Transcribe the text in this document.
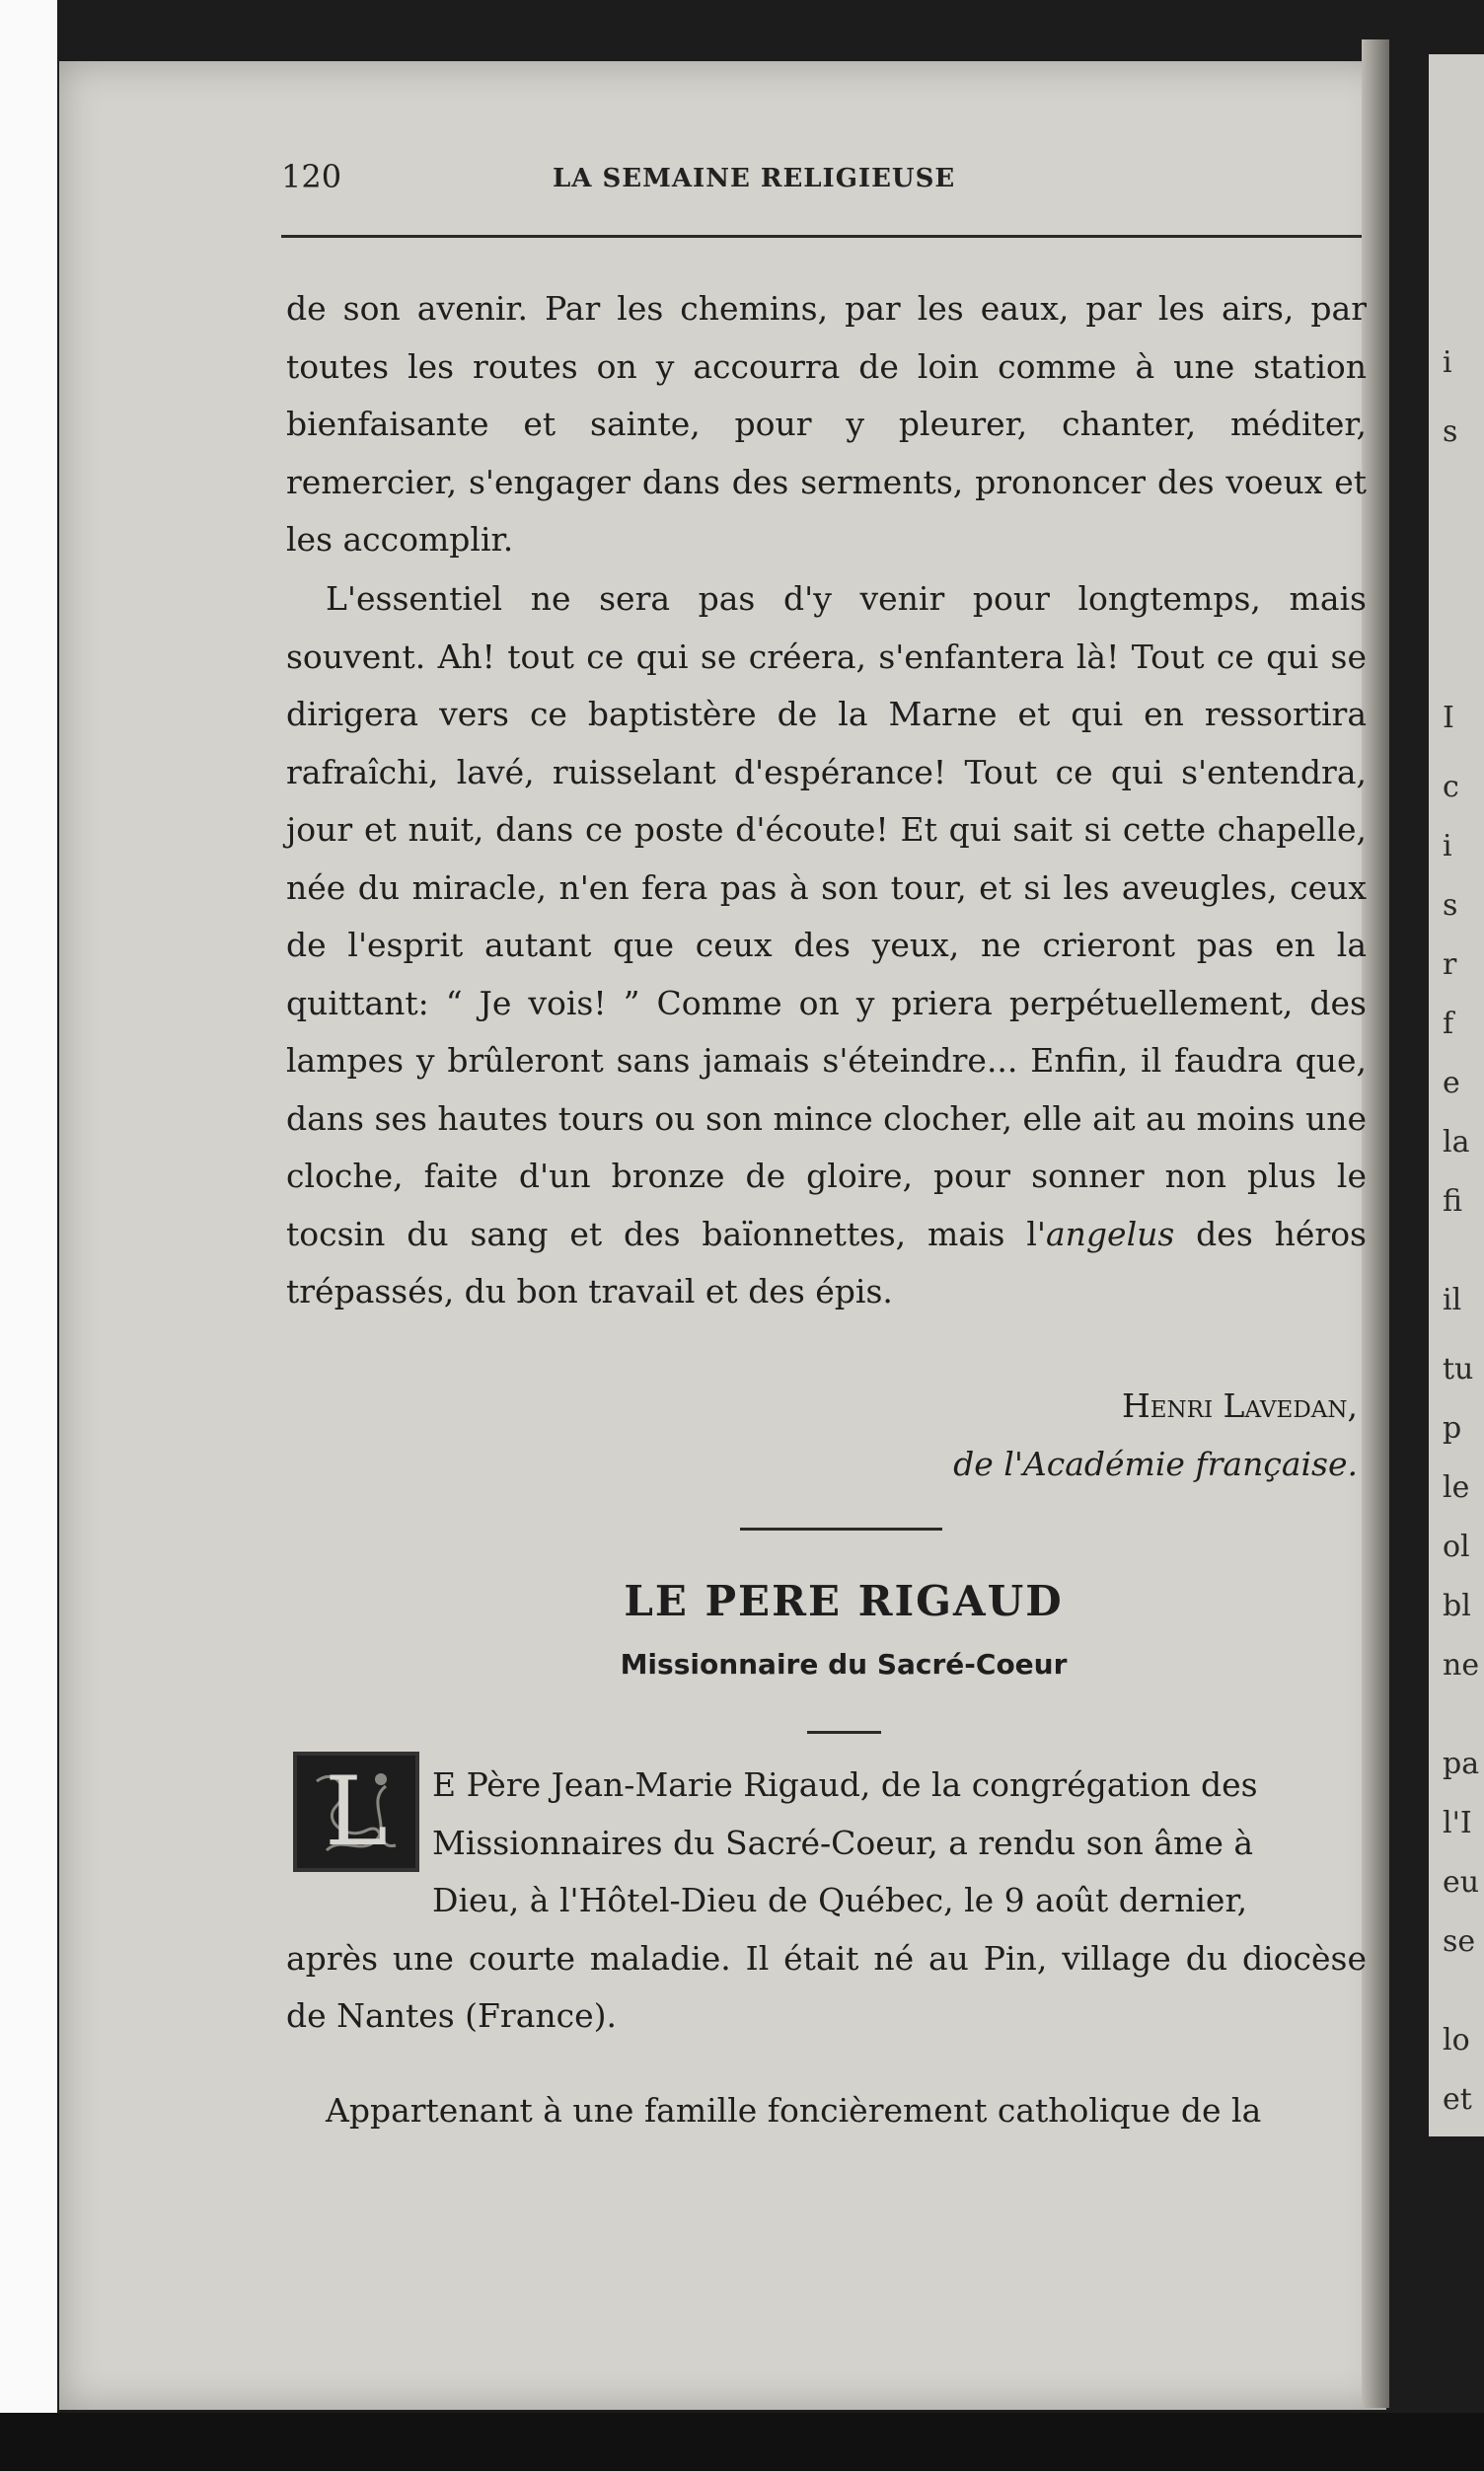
i
s
I
c
i
s
r
f
e
la
fi
il
tu
p
le
ol
bl
ne
pa
l'I
eu
se
lo
et
120	LA SEMAINE RELIGIEUSE

de son avenir. Par les chemins, par les eaux, par les airs, par toutes les routes on y accourra de loin comme à une station bienfaisante et sainte, pour y pleurer, chanter, méditer, remercier, s'engager dans des serments, prononcer des voeux et les accomplir.

L'essentiel ne sera pas d'y venir pour longtemps, mais souvent. Ah! tout ce qui se créera, s'enfantera là! Tout ce qui se dirigera vers ce baptistère de la Marne et qui en ressortira rafraîchi, lavé, ruisselant d'espérance! Tout ce qui s'entendra, jour et nuit, dans ce poste d'écoute! Et qui sait si cette chapelle, née du miracle, n'en fera pas à son tour, et si les aveugles, ceux de l'esprit autant que ceux des yeux, ne crieront pas en la quittant: “ Je vois! ” Comme on y priera perpétuellement, des lampes y brûleront sans jamais s'éteindre... Enfin, il faudra que, dans ses hautes tours ou son mince clocher, elle ait au moins une cloche, faite d'un bronze de gloire, pour sonner non plus le tocsin du sang et des baïonnettes, mais l'angelus des héros trépassés, du bon travail et des épis.

Henri Lavedan,
de l'Académie française.
LE PERE RIGAUD
Missionnaire du Sacré-Coeur
L	E Père Jean-Marie Rigaud, de la congrégation des
Missionnaires du Sacré-Coeur, a rendu son âme à
Dieu, à l'Hôtel-Dieu de Québec, le 9 août dernier,
après une courte maladie. Il était né au Pin, village du diocèse de Nantes (France).
Appartenant à une famille foncièrement catholique de la
